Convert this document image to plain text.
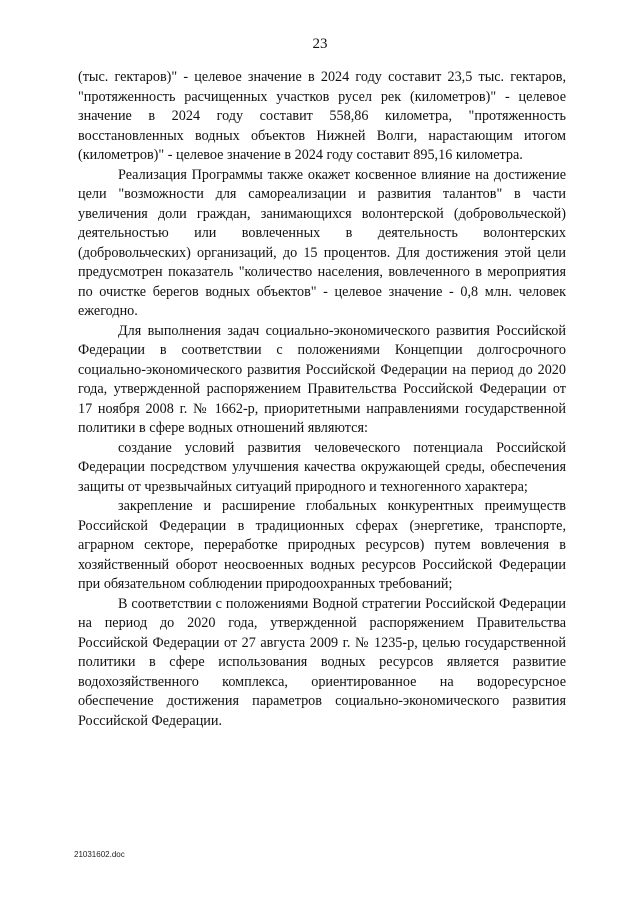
23

(тыс. гектаров)" - целевое значение в 2024 году составит 23,5 тыс. гектаров, "протяженность расчищенных участков русел рек (километров)" - целевое значение в 2024 году составит 558,86 километра, "протяженность восстановленных водных объектов Нижней Волги, нарастающим итогом (километров)" - целевое значение в 2024 году составит 895,16 километра.

Реализация Программы также окажет косвенное влияние на достижение цели "возможности для самореализации и развития талантов" в части увеличения доли граждан, занимающихся волонтерской (добровольческой) деятельностью или вовлеченных в деятельность волонтерских (добровольческих) организаций, до 15 процентов. Для достижения этой цели предусмотрен показатель "количество населения, вовлеченного в мероприятия по очистке берегов водных объектов" - целевое значение - 0,8 млн. человек ежегодно.

Для выполнения задач социально-экономического развития Российской Федерации в соответствии с положениями Концепции долгосрочного социально-экономического развития Российской Федерации на период до 2020 года, утвержденной распоряжением Правительства Российской Федерации от 17 ноября 2008 г. № 1662-р, приоритетными направлениями государственной политики в сфере водных отношений являются:

создание условий развития человеческого потенциала Российской Федерации посредством улучшения качества окружающей среды, обеспечения защиты от чрезвычайных ситуаций природного и техногенного характера;

закрепление и расширение глобальных конкурентных преимуществ Российской Федерации в традиционных сферах (энергетике, транспорте, аграрном секторе, переработке природных ресурсов) путем вовлечения в хозяйственный оборот неосвоенных водных ресурсов Российской Федерации при обязательном соблюдении природоохранных требований;

В соответствии с положениями Водной стратегии Российской Федерации на период до 2020 года, утвержденной распоряжением Правительства Российской Федерации от 27 августа 2009 г. № 1235-р, целью государственной политики в сфере использования водных ресурсов является развитие водохозяйственного комплекса, ориентированное на водоресурсное обеспечение достижения параметров социально-экономического развития Российской Федерации.

21031602.doc
